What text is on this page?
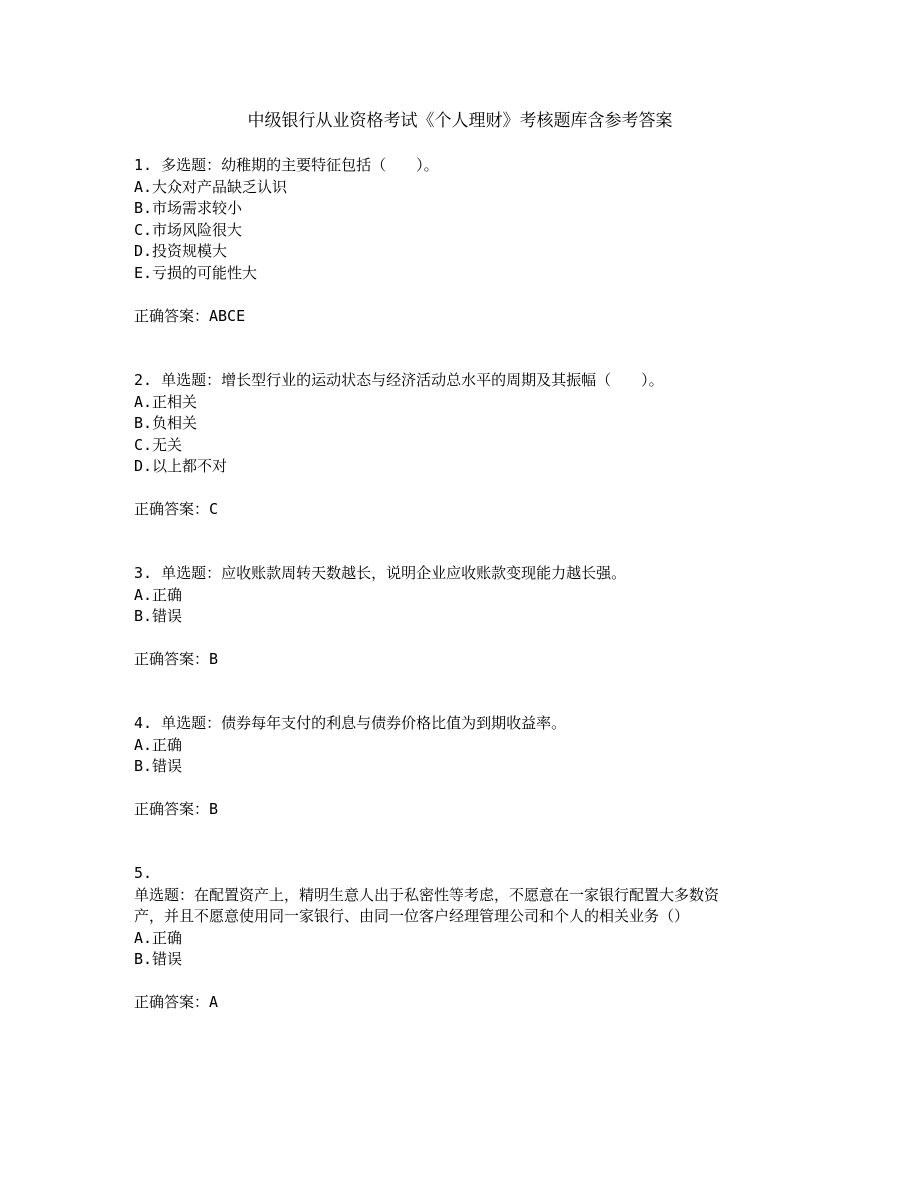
中级银行从业资格考试《个人理财》考核题库含参考答案
1. 多选题：幼稚期的主要特征包括（　　）。
A.大众对产品缺乏认识
B.市场需求较小
C.市场风险很大
D.投资规模大
E.亏损的可能性大
正确答案：ABCE
2. 单选题：增长型行业的运动状态与经济活动总水平的周期及其振幅（　　）。
A.正相关
B.负相关
C.无关
D.以上都不对
正确答案：C
3. 单选题：应收账款周转天数越长，说明企业应收账款变现能力越长强。
A.正确
B.错误
正确答案：B
4. 单选题：债券每年支付的利息与债券价格比值为到期收益率。
A.正确
B.错误
正确答案：B
5.
单选题：在配置资产上，精明生意人出于私密性等考虑，不愿意在一家银行配置大多数资
产，并且不愿意使用同一家银行、由同一位客户经理管理公司和个人的相关业务（）
A.正确
B.错误
正确答案：A
